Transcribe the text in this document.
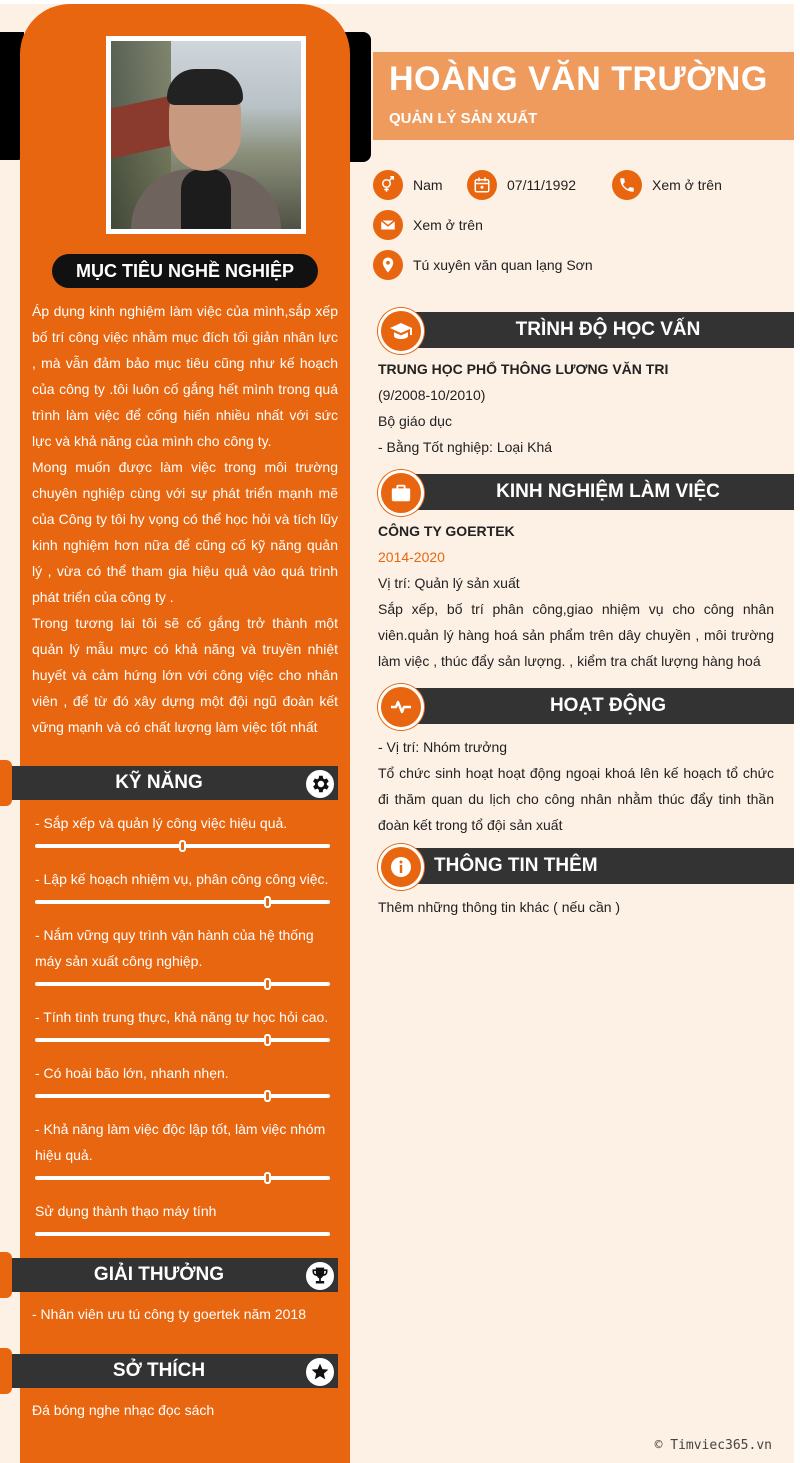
MỤC TIÊU NGHỀ NGHIỆP

Áp dụng kinh nghiệm làm việc của mình,sắp xếp bố trí công việc nhằm mục đích tối giản nhân lực , mà vẫn đảm bảo mục tiêu cũng như kế hoạch của công ty .tôi luôn cố gắng hết mình trong quá trình làm việc để cống hiến nhiều nhất với sức lực và khả năng của mình cho công ty.

Mong muốn được làm việc trong môi trường chuyên nghiệp cùng với sự phát triển mạnh mẽ của Công ty tôi hy vọng có thể học hỏi và tích lũy kinh nghiệm hơn nữa để cũng cố kỹ năng quản lý , vừa có thể tham gia hiệu quả vào quá trình phát triển của công ty .

Trong tương lai tôi sẽ cố gắng trở thành một quản lý mẫu mực có khả năng và truyền nhiệt huyết và cảm hứng lớn với công việc cho nhân viên , để từ đó xây dựng một đội ngũ đoàn kết vững mạnh và có chất lượng làm việc tốt nhất

KỸ NĂNG
- Sắp xếp và quản lý công việc hiệu quả.
- Lập kế hoạch nhiệm vụ, phân công công việc.
- Nắm vững quy trình vận hành của hệ thống máy sản xuất công nghiệp.
- Tính tình trung thực, khả năng tự học hỏi cao.
- Có hoài bão lớn, nhanh nhẹn.
- Khả năng làm việc độc lập tốt, làm việc nhóm hiệu quả.
Sử dụng thành thạo máy tính
GIẢI THƯỞNG
- Nhân viên ưu tú công ty goertek năm 2018
SỞ THÍCH
Đá bóng nghe nhạc đọc sách
HOÀNG VĂN TRƯỜNG
QUẢN LÝ SẢN XUẤT
Nam	07/11/1992	Xem ở trên
Xem ở trên
Tú xuyên văn quan lạng Sơn
TRÌNH ĐỘ HỌC VẤN
TRUNG HỌC PHỔ THÔNG LƯƠNG VĂN TRI
(9/2008-10/2010)
Bộ giáo dục
- Bằng Tốt nghiệp: Loại Khá
KINH NGHIỆM LÀM VIỆC
CÔNG TY GOERTEK
2014-2020
Vị trí: Quản lý sản xuất
Sắp xếp, bố trí phân công,giao nhiệm vụ cho công nhân viên.quản lý hàng hoá sản phẩm trên dây chuyền , môi trường làm việc , thúc đẩy sản lượng. , kiểm tra chất lượng hàng hoá
HOẠT ĐỘNG
- Vị trí: Nhóm trưởng
Tổ chức sinh hoạt hoạt động ngoại khoá lên kế hoạch tổ chức đi thăm quan du lịch cho công nhân nhằm thúc đẩy tinh thần đoàn kết trong tổ đội sản xuất
THÔNG TIN THÊM
Thêm những thông tin khác ( nếu cần )
© Timviec365.vn
